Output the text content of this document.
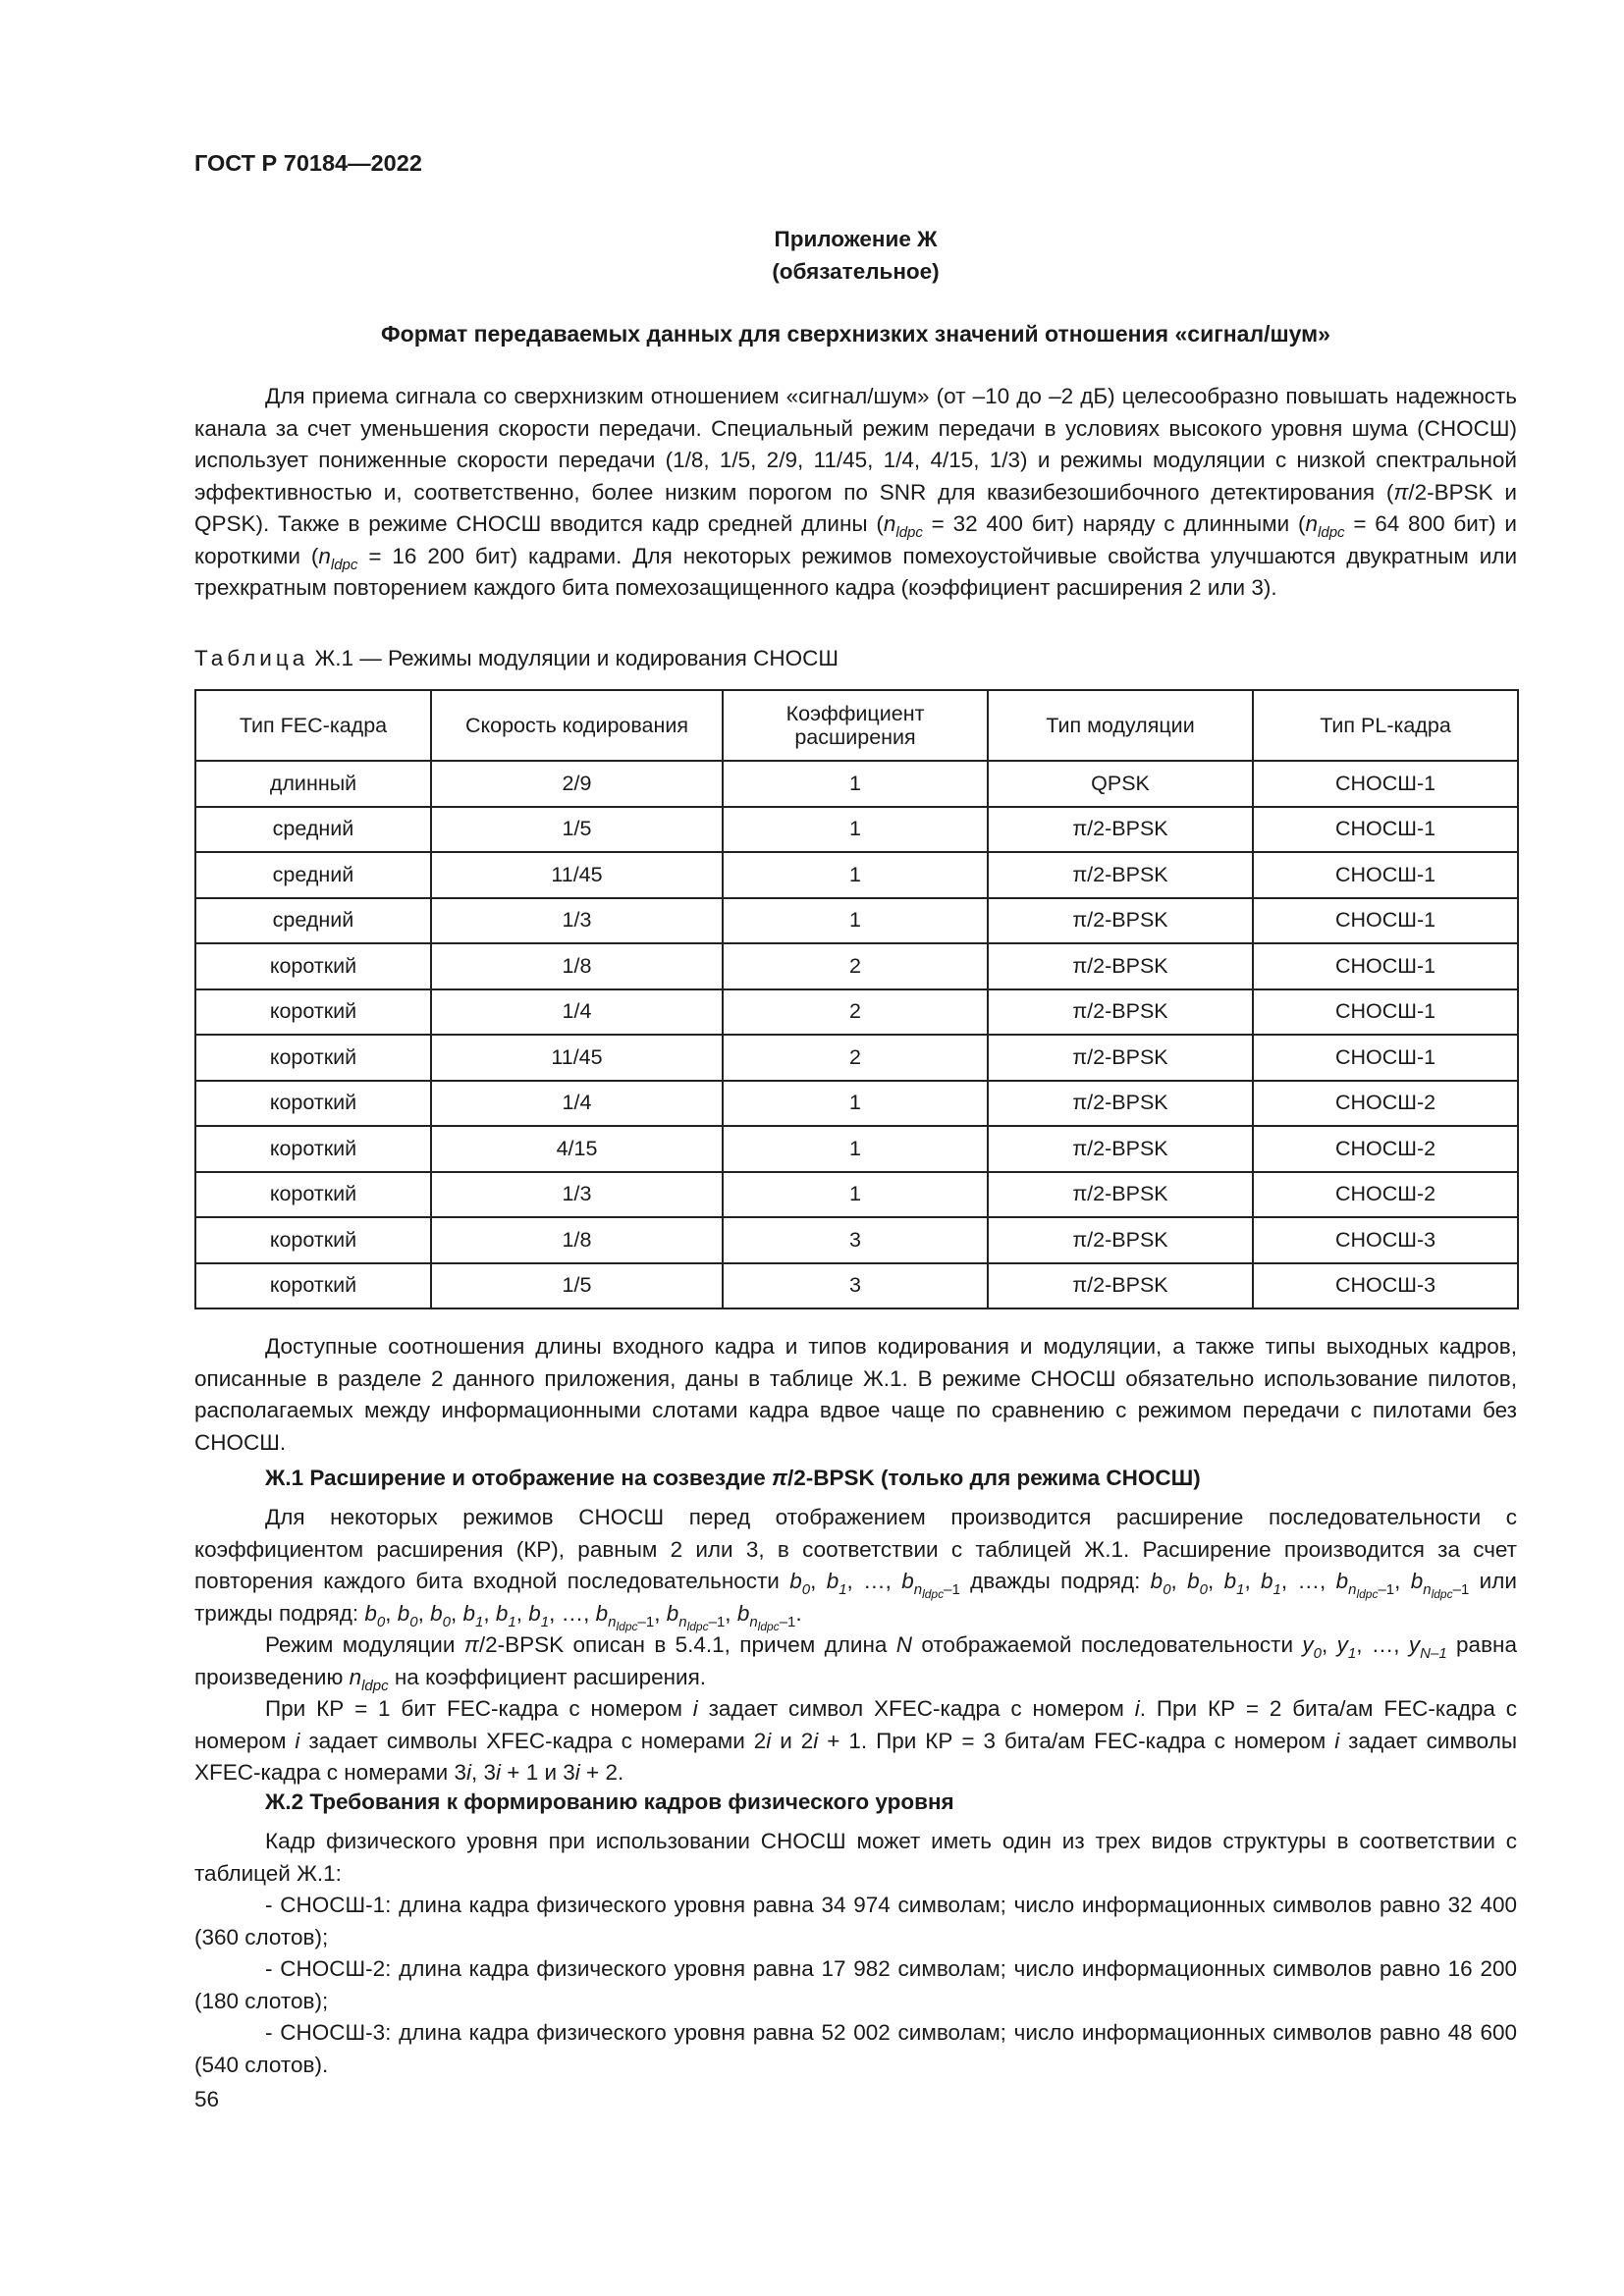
ГОСТ Р 70184—2022
Приложение Ж
(обязательное)
Формат передаваемых данных для сверхнизких значений отношения «сигнал/шум»

Для приема сигнала со сверхнизким отношением «сигнал/шум» (от –10 до –2 дБ) целесообразно повышать надежность канала за счет уменьшения скорости передачи. Специальный режим передачи в условиях высокого уровня шума (СНОСШ) использует пониженные скорости передачи (1/8, 1/5, 2/9, 11/45, 1/4, 4/15, 1/3) и режимы модуляции с низкой спектральной эффективностью и, соответственно, более низким порогом по SNR для квазибезошибочного детектирования (π/2-BPSK и QPSK). Также в режиме СНОСШ вводится кадр средней длины ($n_{ldpc} = 32$ 400 бит) наряду с длинными ($n_{ldpc} = 64$ 800 бит) и короткими ($n_{ldpc} = 16$ 200 бит) кадрами. Для некоторых режимов помехоустойчивые свойства улучшаются двукратным или трехкратным повторением каждого бита помехозащищенного кадра (коэффициент расширения 2 или 3).

Таблица Ж.1 — Режимы модуляции и кодирования СНОСШ
Тип FEC-кадра	Скорость кодирования	Коэффициент расширения	Тип модуляции	Тип PL-кадра
длинный	2/9	1	QPSK	СНОСШ-1
средний	1/5	1	π/2-BPSK	СНОСШ-1
средний	11/45	1	π/2-BPSK	СНОСШ-1
средний	1/3	1	π/2-BPSK	СНОСШ-1
короткий	1/8	2	π/2-BPSK	СНОСШ-1
короткий	1/4	2	π/2-BPSK	СНОСШ-1
короткий	11/45	2	π/2-BPSK	СНОСШ-1
короткий	1/4	1	π/2-BPSK	СНОСШ-2
короткий	4/15	1	π/2-BPSK	СНОСШ-2
короткий	1/3	1	π/2-BPSK	СНОСШ-2
короткий	1/8	3	π/2-BPSK	СНОСШ-3
короткий	1/5	3	π/2-BPSK	СНОСШ-3

Доступные соотношения длины входного кадра и типов кодирования и модуляции, а также типы выходных кадров, описанные в разделе 2 данного приложения, даны в таблице Ж.1. В режиме СНОСШ обязательно использование пилотов, располагаемых между информационными слотами кадра вдвое чаще по сравнению с режимом передачи с пилотами без СНОСШ.

Ж.1 Расширение и отображение на созвездие π/2-BPSK (только для режима СНОСШ)

Для некоторых режимов СНОСШ перед отображением производится расширение последовательности с коэффициентом расширения (КР), равным 2 или 3, в соответствии с таблицей Ж.1. Расширение производится за счет повторения каждого бита входной последовательности $b_0$, $b_1$, …, $b_{n_{ldpc}-1}$ дважды подряд: $b_0$, $b_0$, $b_1$, $b_1$, …, $b_{n_{ldpc}-1}$, $b_{n_{ldpc}-1}$ или трижды подряд: $b_0$, $b_0$, $b_0$, $b_1$, $b_1$, $b_1$, …, $b_{n_{ldpc}-1}$, $b_{n_{ldpc}-1}$, $b_{n_{ldpc}-1}$.

Режим модуляции π/2-BPSK описан в 5.4.1, причем длина N отображаемой последовательности $y_0$, $y_1$, …, $y_{N-1}$ равна произведению $n_{ldpc}$ на коэффициент расширения.

При КР = 1 бит FEC-кадра с номером i задает символ XFEC-кадра с номером i. При КР = 2 бита/ам FEC-кадра с номером i задает символы XFEC-кадра с номерами 2i и 2i + 1. При КР = 3 бита/ам FEC-кадра с номером i задает символы XFEC-кадра с номерами 3i, 3i + 1 и 3i + 2.

Ж.2 Требования к формированию кадров физического уровня

Кадр физического уровня при использовании СНОСШ может иметь один из трех видов структуры в соответствии с таблицей Ж.1:

- СНОСШ-1: длина кадра физического уровня равна 34 974 символам; число информационных символов равно 32 400 (360 слотов);

- СНОСШ-2: длина кадра физического уровня равна 17 982 символам; число информационных символов равно 16 200 (180 слотов);

- СНОСШ-3: длина кадра физического уровня равна 52 002 символам; число информационных символов равно 48 600 (540 слотов).

56
